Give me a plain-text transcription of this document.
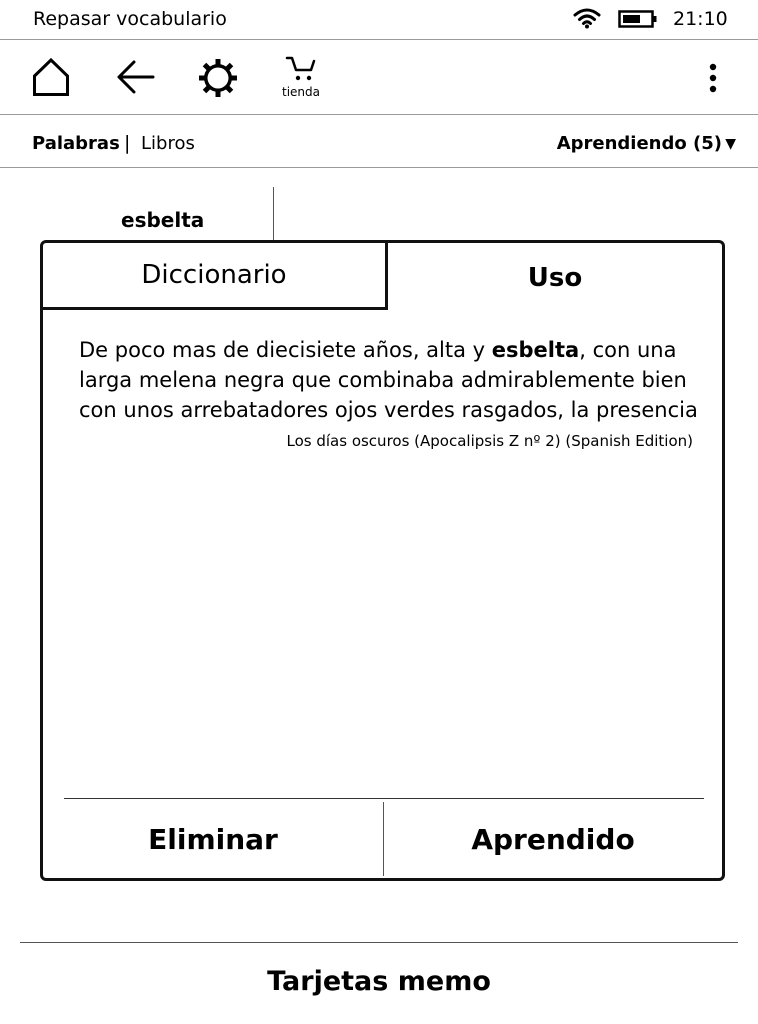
Repasar vocabulario	21:10
tienda
Palabras | Libros	Aprendiendo (5) ▼
esbelta
Diccionario	Uso

De poco mas de diecisiete años, alta y esbelta, con una larga melena negra que combinaba admirablemente bien con unos arrebatadores ojos verdes rasgados, la presencia

Los días oscuros (Apocalipsis Z nº 2) (Spanish Edition)
Eliminar	Aprendido
Tarjetas memo
